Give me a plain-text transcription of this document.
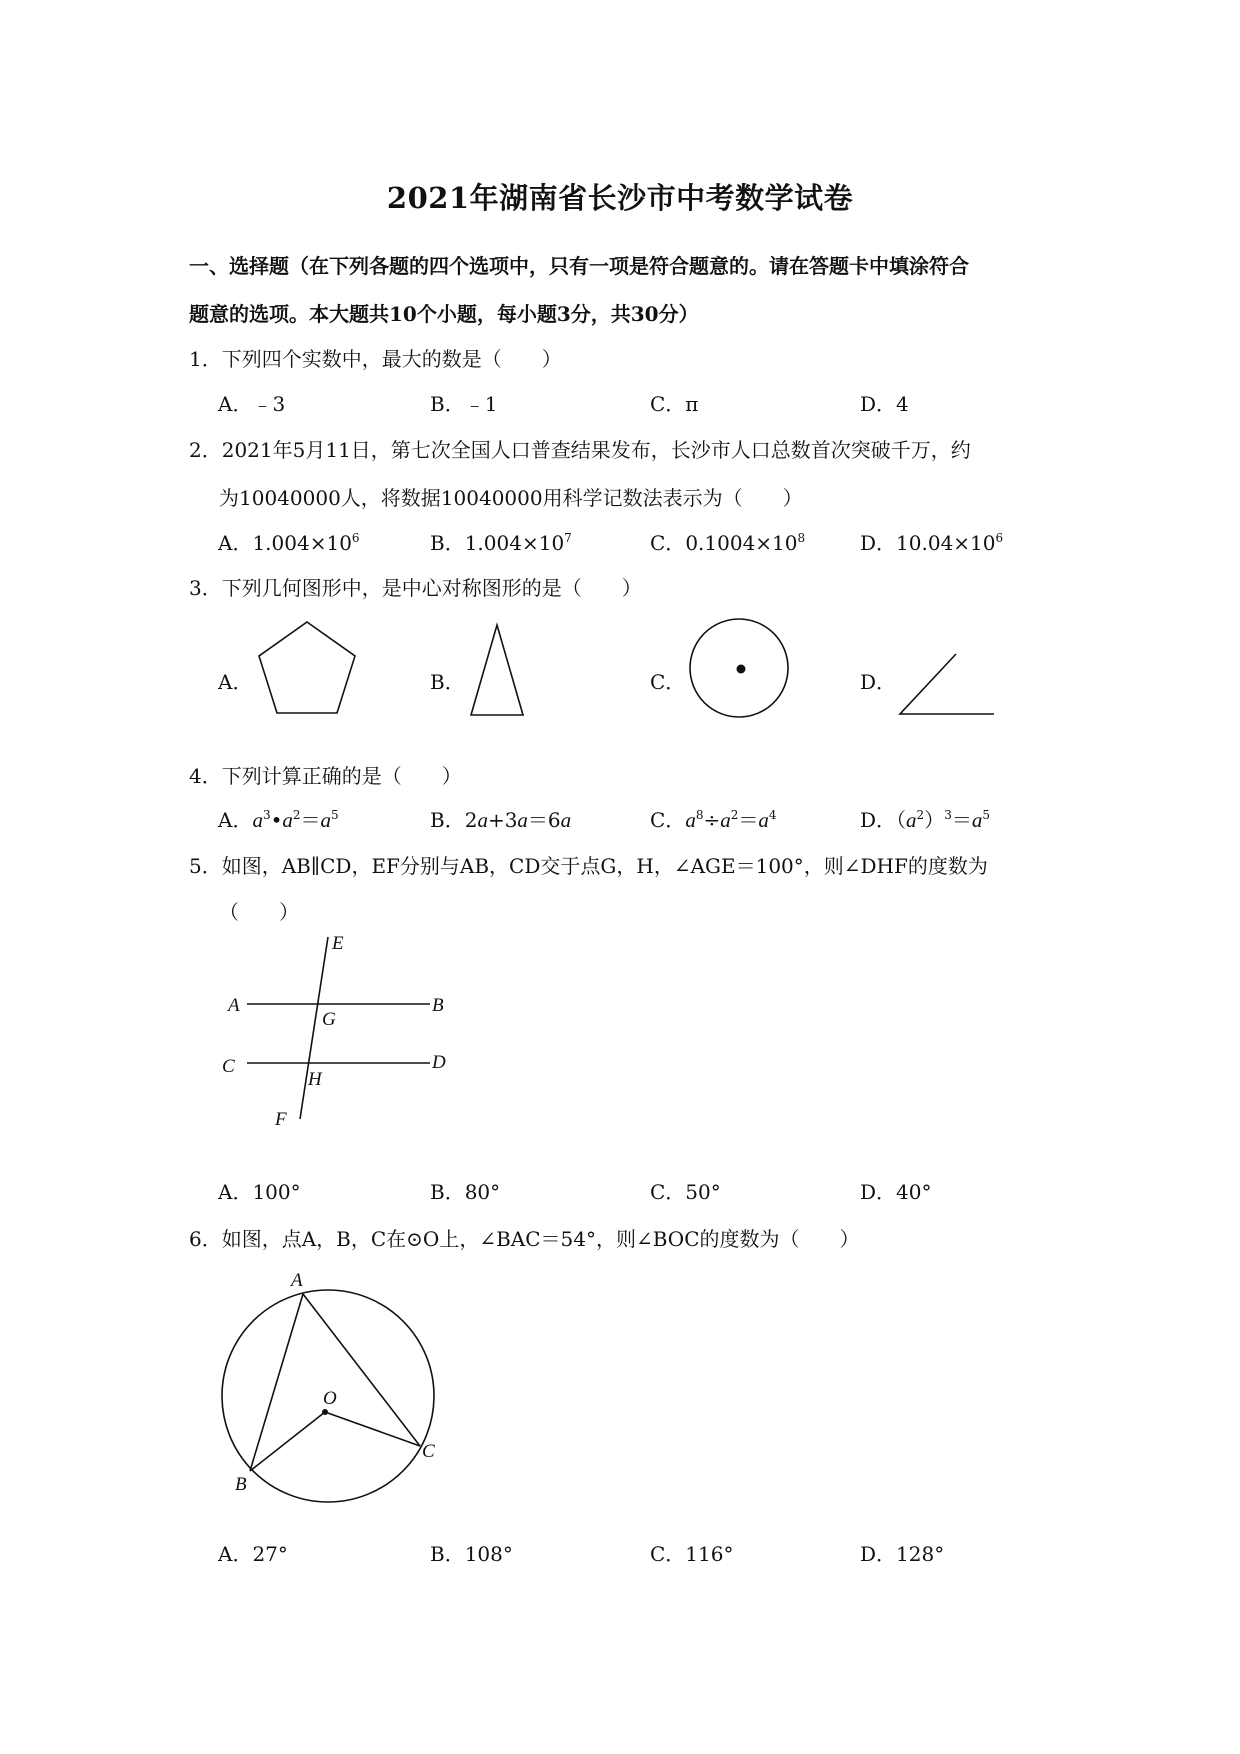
2021年湖南省长沙市中考数学试卷
一、选择题（在下列各题的四个选项中，只有一项是符合题意的。请在答题卡中填涂符合
题意的选项。本大题共10个小题，每小题3分，共30分）
1．下列四个实数中，最大的数是（　　）
A．﹣3	B．﹣1	C．π	D．4
2．2021年5月11日，第七次全国人口普查结果发布，长沙市人口总数首次突破千万，约
为10040000人，将数据10040000用科学记数法表示为（　　）
A．$1.004\times 10^6$	B．$1.004\times 10^7$	C．$0.1004\times 10^8$	D．$10.04\times 10^6$
3．下列几何图形中，是中心对称图形的是（　　）
A．	B．	C．	D．
4．下列计算正确的是（　　）
A．$a^3•a^2=a^5$	B．2a+3a＝6a	C．$a^8\div a^2=a^4$	D．$(a^2)^3=a^5$
5．如图，AB∥CD，EF分别与AB，CD交于点G，H，∠AGE＝100°，则∠DHF的度数为
（　　）
E
A
G
B
C
H
D
F
A．100°	B．80°	C．50°	D．40°
6．如图，点A，B，C在⊙O上，∠BAC＝54°，则∠BOC的度数为（　　）
A
O
B
C
A．27°	B．108°	C．116°	D．128°
